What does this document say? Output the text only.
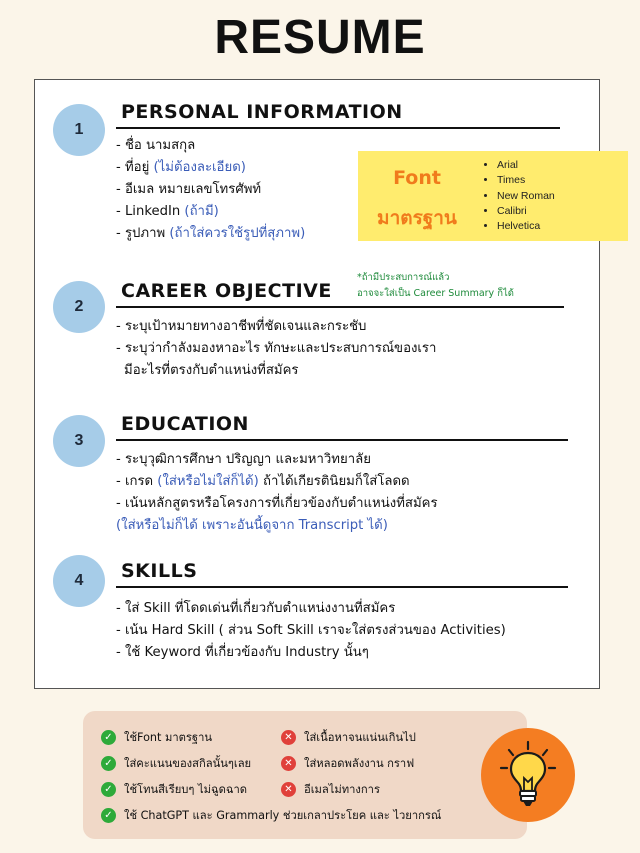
RESUME
1
PERSONAL INFORMATION
- ชื่อ นามสกุล
- ที่อยู่ (ไม่ต้องละเอียด)
- อีเมล หมายเลขโทรศัพท์
- LinkedIn (ถ้ามี)
- รูปภาพ (ถ้าใส่ควรใช้รูปที่สุภาพ)
Font
มาตรฐาน
• Arial
• Times
• New Roman
• Calibri
• Helvetica
2
CAREER OBJECTIVE
*ถ้ามีประสบการณ์แล้ว
อาจจะใส่เป็น Career Summary ก็ได้
- ระบุเป้าหมายทางอาชีพที่ชัดเจนและกระชับ
- ระบุว่ากำลังมองหาอะไร ทักษะและประสบการณ์ของเรา
มีอะไรที่ตรงกับตำแหน่งที่สมัคร
3
EDUCATION
- ระบุวุฒิการศึกษา ปริญญา และมหาวิทยาลัย
- เกรด (ใส่หรือไม่ใส่ก็ได้) ถ้าได้เกียรตินิยมก็ใส่โลดด
- เน้นหลักสูตรหรือโครงการที่เกี่ยวข้องกับตำแหน่งที่สมัคร
(ใส่หรือไม่ก็ได้ เพราะอันนี้ดูจาก Transcript ได้)
4	SKILLS
- ใส่ Skill ที่โดดเด่นที่เกี่ยวกับตำแหน่งงานที่สมัคร
- เน้น Hard Skill ( ส่วน Soft Skill เราจะใส่ตรงส่วนของ Activities)
- ใช้ Keyword ที่เกี่ยวข้องกับ Industry นั้นๆ
✓ ใช้Font มาตรฐาน
✓ ใส่คะแนนของสกิลนั้นๆเลย
✓ ใช้โทนสีเรียบๆ ไม่ฉูดฉาด
✓ ใช้ ChatGPT และ Grammarly ช่วยเกลาประโยค และ ไวยากรณ์
✕ ใส่เนื้อหาจนแน่นเกินไป
✕ ใส่หลอดพลังงาน กราฟ
✕ อีเมลไม่ทางการ
